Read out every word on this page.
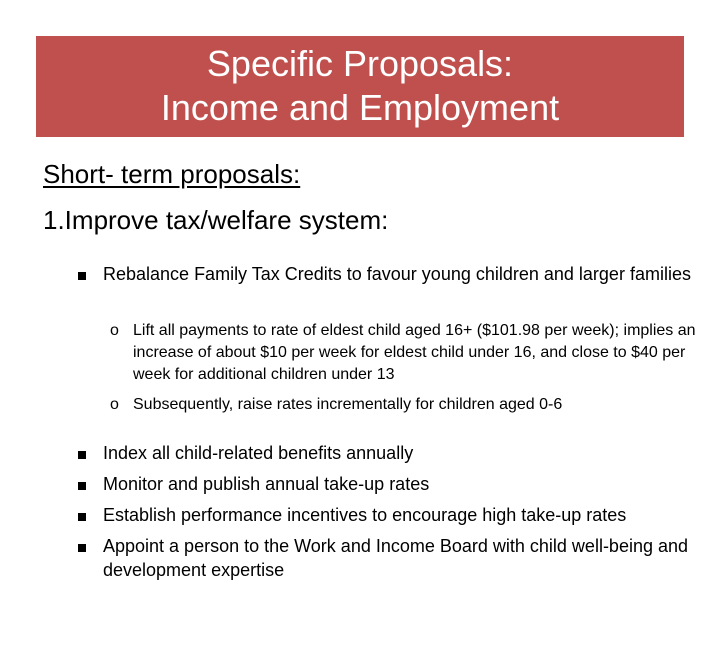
Specific Proposals:
Income and Employment
Short- term proposals:
1.Improve tax/welfare system:
Rebalance Family Tax Credits to favour young children and larger families
o Lift all payments to rate of eldest child aged 16+ ($101.98 per week); implies an increase of about $10 per week for eldest child under 16, and close to $40 per week for additional children under 13
o Subsequently, raise rates incrementally for children aged 0-6
Index all child-related benefits annually
Monitor and publish annual take-up rates
Establish performance incentives to encourage high take-up rates
Appoint a person to the Work and Income Board with child well-being and development expertise
